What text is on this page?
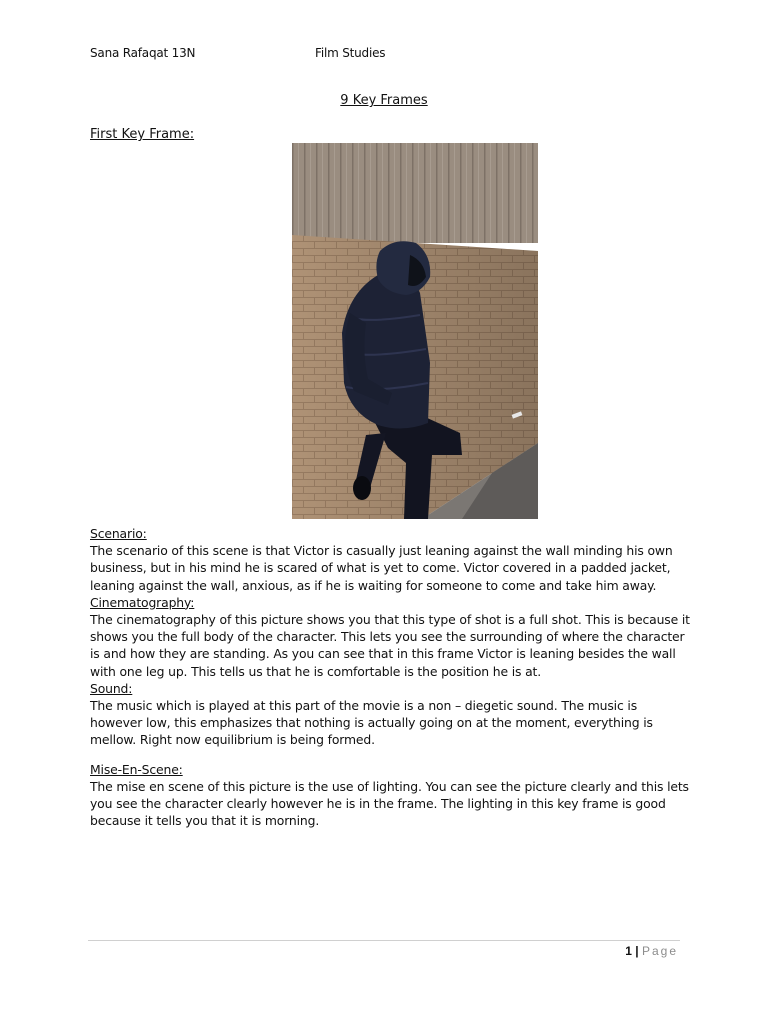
Sana Rafaqat 13N	Film Studies
9 Key Frames
First Key Frame:
Scenario:

The scenario of this scene is that Victor is casually just leaning against the wall minding his own business, but in his mind he is scared of what is yet to come. Victor covered in a padded jacket, leaning against the wall, anxious, as if he is waiting for someone to come and take him away.

Cinematography:

The cinematography of this picture shows you that this type of shot is a full shot. This is because it shows you the full body of the character. This lets you see the surrounding of where the character is and how they are standing. As you can see that in this frame Victor is leaning besides the wall with one leg up. This tells us that he is comfortable is the position he is at.

Sound:

The music which is played at this part of the movie is a non – diegetic sound. The music is however low, this emphasizes that nothing is actually going on at the moment, everything is mellow. Right now equilibrium is being formed.

Mise-En-Scene:

The mise en scene of this picture is the use of lighting. You can see the picture clearly and this lets you see the character clearly however he is in the frame. The lighting in this key frame is good because it tells you that it is morning.

1 | Page
